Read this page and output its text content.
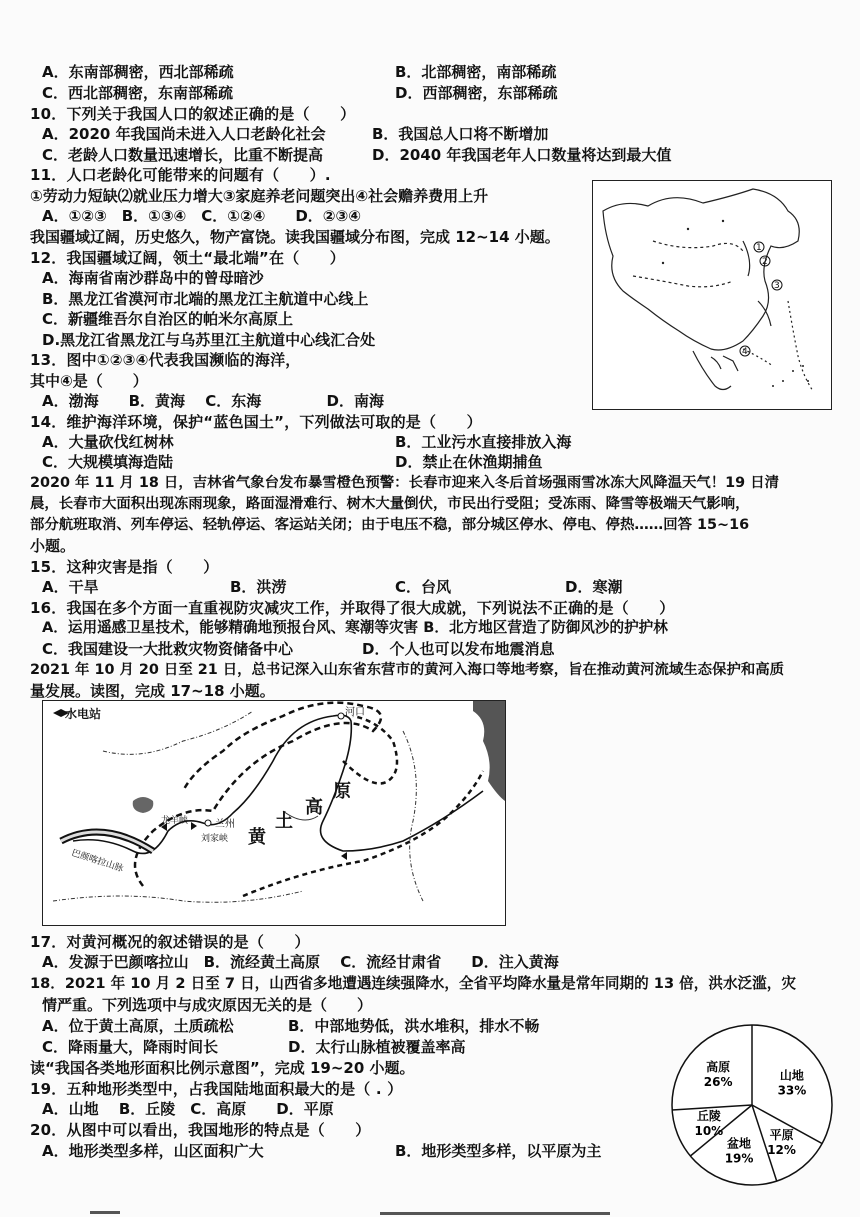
A．东南部稠密，西北部稀疏	B．北部稠密，南部稀疏
C．西北部稠密，东南部稀疏	D．西部稠密，东部稀疏
10．下列关于我国人口的叙述正确的是（　　）
A．2020 年我国尚未进入人口老龄化社会	B．我国总人口将不断增加
C．老龄人口数量迅速增长，比重不断提高	D．2040 年我国老年人口数量将达到最大值
11．人口老龄化可能带来的问题有（　　）.
①劳动力短缺⑵就业压力增大③家庭养老问题突出④社会赡养费用上升
A．①②③　B．①③④　C．①②④　　D．②③④
我国疆域辽阔，历史悠久，物产富饶。读我国疆域分布图，完成 12~14 小题。
12．我国疆域辽阔，领土“最北端”在（　　）
A．海南省南沙群岛中的曾母暗沙
B．黑龙江省漠河市北端的黑龙江主航道中心线上
C．新疆维吾尔自治区的帕米尔高原上
D.黑龙江省黑龙江与乌苏里江主航道中心线汇合处
13．图中①②③④代表我国濒临的海洋，
其中④是（　　）
A．渤海　　B．黄海　 C．东海　　　　 D．南海
1
2
3
4
14．维护海洋环境，保护“蓝色国土”，下列做法可取的是（　　）
A．大量砍伐红树林	B．工业污水直接排放入海
C．大规模填海造陆	D．禁止在休渔期捕鱼
2020 年 11 月 18 日，吉林省气象台发布暴雪橙色预警：长春市迎来入冬后首场强雨雪冰冻大风降温天气！19 日清
晨，长春市大面积出现冻雨现象，路面湿滑难行、树木大量倒伏，市民出行受阻；受冻雨、降雪等极端天气影响，
部分航班取消、列车停运、轻轨停运、客运站关闭；由于电压不稳，部分城区停水、停电、停热……回答 15~16
小题。
15．这种灾害是指（　　）
A．干旱	B．洪涝	C．台风	D．寒潮
16．我国在多个方面一直重视防灾减灾工作，并取得了很大成就，下列说法不正确的是（　　）
A．运用遥感卫星技术，能够精确地预报台风、寒潮等灾害 B．北方地区营造了防御风沙的护护林
C．我国建设一大批救灾物资储备中心	D．个人也可以发布地震消息
2021 年 10 月 20 日至 21 日，总书记深入山东省东营市的黄河入海口等地考察，旨在推动黄河流域生态保护和高质
量发展。读图，完成 17~18 小题。
水电站	河口
兰州
龙羊峡
刘家峡 黄
土
高
原
巴颜喀拉山脉
17．对黄河概况的叙述错误的是（　　）
A．发源于巴颜喀拉山　B．流经黄土高原　 C．流经甘肃省　　D．注入黄海
18．2021 年 10 月 2 日至 7 日，山西省多地遭遇连续强降水，全省平均降水量是常年同期的 13 倍，洪水泛滥，灾
情严重。下列选项中与成灾原因无关的是（　　）
A．位于黄土高原，土质疏松	B．中部地势低，洪水堆积，排水不畅
C．降雨量大，降雨时间长	D．太行山脉植被覆盖率高
读“我国各类地形面积比例示意图”，完成 19~20 小题。
19．五种地形类型中，占我国陆地面积最大的是（ . ）
A．山地　 B．丘陵　C．高原　　D．平原
20．从图中可以看出，我国地形的特点是（　　）
A．地形类型多样，山区面积广大	B．地形类型多样，以平原为主
山地
33%
平原
12%
盆地
19%
丘陵
10%
高原
26%
